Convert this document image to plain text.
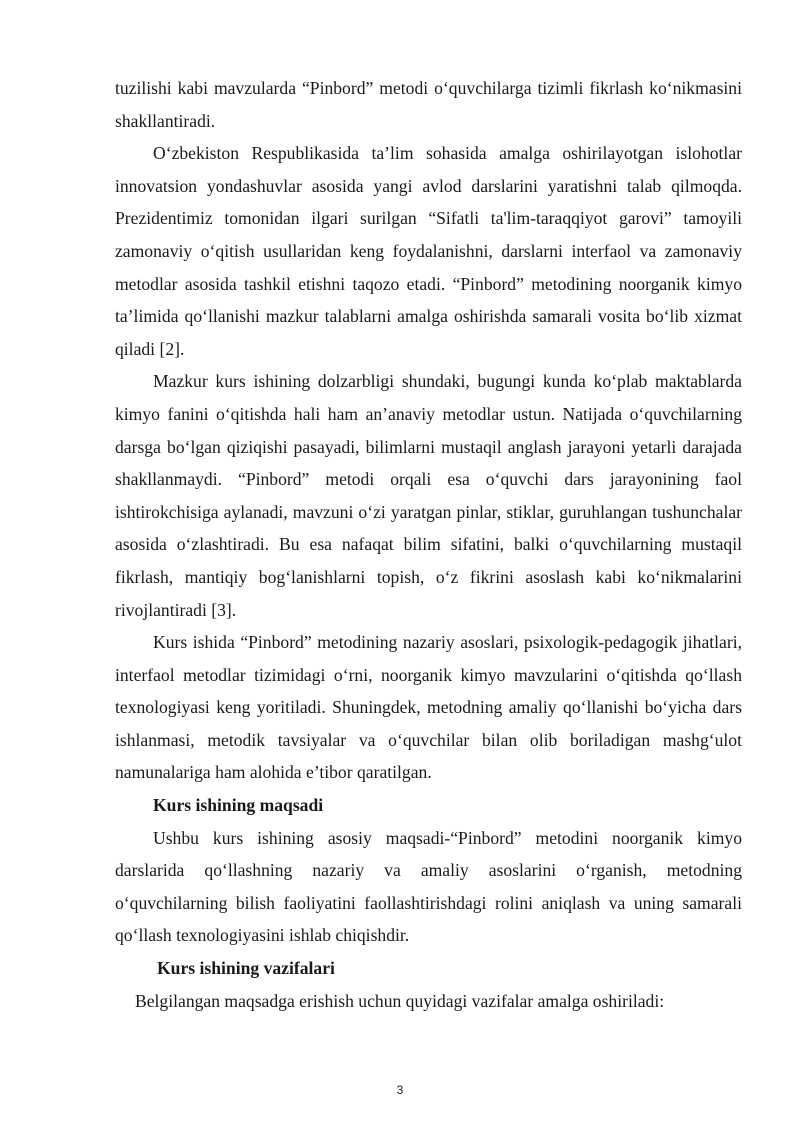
tuzilishi kabi mavzularda “Pinbord” metodi o‘quvchilarga tizimli fikrlash ko‘nikmasini shakllantiradi.

O‘zbekiston Respublikasida ta’lim sohasida amalga oshirilayotgan islohotlar innovatsion yondashuvlar asosida yangi avlod darslarini yaratishni talab qilmoqda. Prezidentimiz tomonidan ilgari surilgan “Sifatli ta'lim-taraqqiyot garovi” tamoyili zamonaviy o‘qitish usullaridan keng foydalanishni, darslarni interfaol va zamonaviy metodlar asosida tashkil etishni taqozo etadi. “Pinbord” metodining noorganik kimyo ta’limida qo‘llanishi mazkur talablarni amalga oshirishda samarali vosita bo‘lib xizmat qiladi [2].

Mazkur kurs ishining dolzarbligi shundaki, bugungi kunda ko‘plab maktablarda kimyo fanini o‘qitishda hali ham an’anaviy metodlar ustun. Natijada o‘quvchilarning darsga bo‘lgan qiziqishi pasayadi, bilimlarni mustaqil anglash jarayoni yetarli darajada shakllanmaydi. “Pinbord” metodi orqali esa o‘quvchi dars jarayonining faol ishtirokchisiga aylanadi, mavzuni o‘zi yaratgan pinlar, stiklar, guruhlangan tushunchalar asosida o‘zlashtiradi. Bu esa nafaqat bilim sifatini, balki o‘quvchilarning mustaqil fikrlash, mantiqiy bog‘lanishlarni topish, o‘z fikrini asoslash kabi ko‘nikmalarini rivojlantiradi [3].

Kurs ishida “Pinbord” metodining nazariy asoslari, psixologik-pedagogik jihatlari, interfaol metodlar tizimidagi o‘rni, noorganik kimyo mavzularini o‘qitishda qo‘llash texnologiyasi keng yoritiladi. Shuningdek, metodning amaliy qo‘llanishi bo‘yicha dars ishlanmasi, metodik tavsiyalar va o‘quvchilar bilan olib boriladigan mashg‘ulot namunalariga ham alohida e’tibor qaratilgan.

Kurs ishining maqsadi

Ushbu kurs ishining asosiy maqsadi-“Pinbord” metodini noorganik kimyo darslarida qo‘llashning nazariy va amaliy asoslarini o‘rganish, metodning o‘quvchilarning bilish faoliyatini faollashtirishdagi rolini aniqlash va uning samarali qo‘llash texnologiyasini ishlab chiqishdir.

Kurs ishining vazifalari

Belgilangan maqsadga erishish uchun quyidagi vazifalar amalga oshiriladi:

3
